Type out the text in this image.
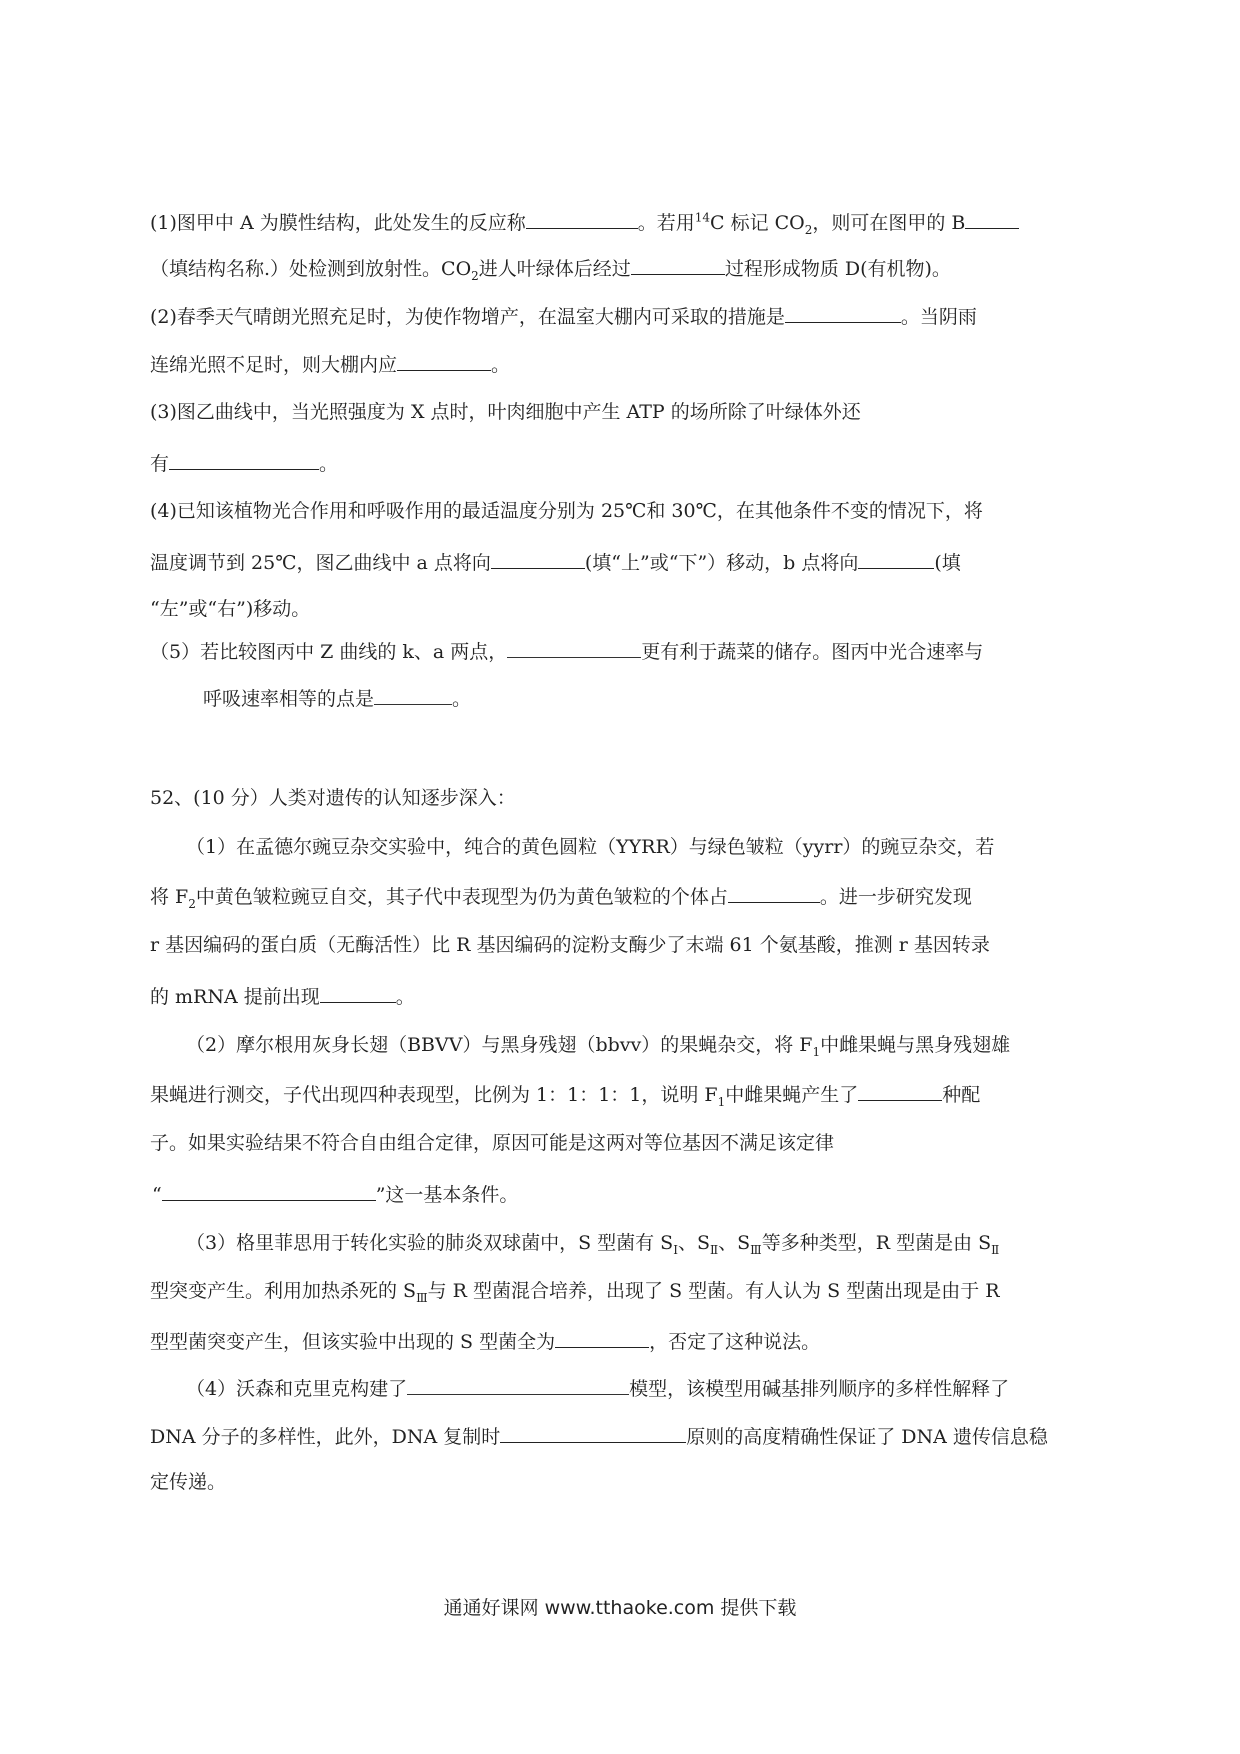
(1)图甲中 A 为膜性结构，此处发生的反应称	。若用$^{14}$C 标记 $CO_2$，则可在图甲的 B
（填结构名称.）处检测到放射性。$CO_2$进人叶绿体后经过	过程形成物质 D(有机物)。
(2)春季天气晴朗光照充足时，为使作物增产，在温室大棚内可采取的措施是	。当阴雨
连绵光照不足时，则大棚内应	。
(3)图乙曲线中，当光照强度为 X 点时，叶肉细胞中产生 ATP 的场所除了叶绿体外还
有	。
(4)已知该植物光合作用和呼吸作用的最适温度分别为 25℃和 30℃，在其他条件不变的情况下，将
温度调节到 25℃，图乙曲线中 a 点将向	(填“上”或“下”）移动，b 点将向	(填
“左”或“右”)移动。
（5）若比较图丙中 Z 曲线的 k、a 两点，	更有利于蔬菜的储存。图丙中光合速率与
呼吸速率相等的点是	。
52、(10 分）人类对遗传的认知逐步深入：
（1）在孟德尔豌豆杂交实验中，纯合的黄色圆粒（YYRR）与绿色皱粒（yyrr）的豌豆杂交，若
将 $F_2$中黄色皱粒豌豆自交，其子代中表现型为仍为黄色皱粒的个体占	。进一步研究发现
r 基因编码的蛋白质（无酶活性）比 R 基因编码的淀粉支酶少了末端 61 个氨基酸，推测 r 基因转录
的 mRNA 提前出现	。
（2）摩尔根用灰身长翅（BBVV）与黑身残翅（bbvv）的果蝇杂交，将 $F_1$中雌果蝇与黑身残翅雄
果蝇进行测交，子代出现四种表现型，比例为 1：1：1：1，说明 $F_1$中雌果蝇产生了	种配
子。如果实验结果不符合自由组合定律，原因可能是这两对等位基因不满足该定律
“	”这一基本条件。
（3）格里菲思用于转化实验的肺炎双球菌中，S 型菌有 $S_Ⅰ$、$S_Ⅱ$、$S_Ⅲ$等多种类型，R 型菌是由 $S_Ⅱ$
型突变产生。利用加热杀死的 $S_Ⅲ$与 R 型菌混合培养，出现了 S 型菌。有人认为 S 型菌出现是由于 R
型型菌突变产生，但该实验中出现的 S 型菌全为	，否定了这种说法。
（4）沃森和克里克构建了	模型，该模型用碱基排列顺序的多样性解释了
DNA 分子的多样性，此外，DNA 复制时	原则的高度精确性保证了 DNA 遗传信息稳
定传递。
通通好课网 www.tthaoke.com 提供下载
